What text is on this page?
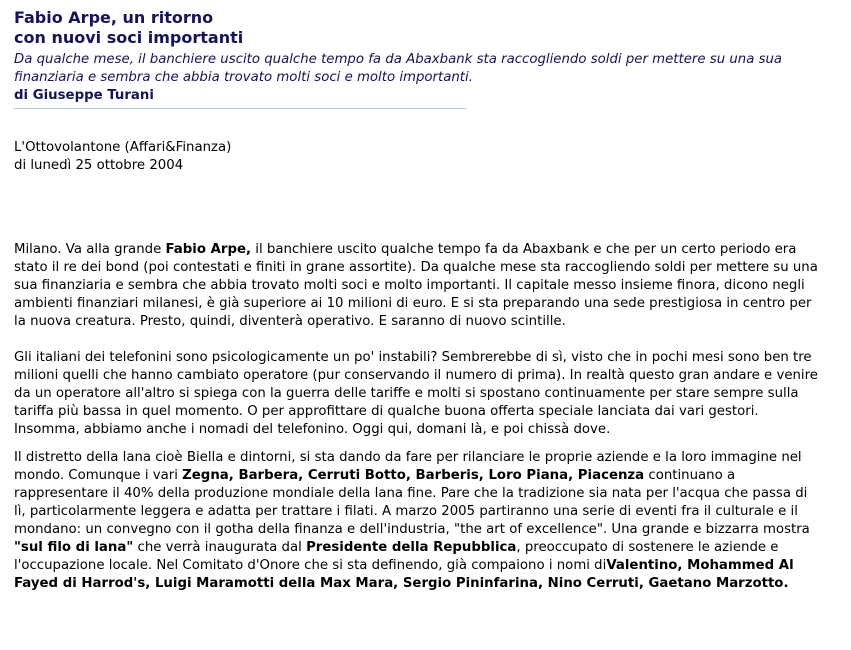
Fabio Arpe, un ritorno
con nuovi soci importanti

Da qualche mese, il banchiere uscito qualche tempo fa da Abaxbank sta raccogliendo soldi per mettere su una sua finanziaria e sembra che abbia trovato molti soci e molto importanti.

di Giuseppe Turani

L'Ottovolantone (Affari&Finanza)
di lunedì 25 ottobre 2004

Milano. Va alla grande Fabio Arpe, il banchiere uscito qualche tempo fa da Abaxbank e che per un certo periodo era stato il re dei bond (poi contestati e finiti in grane assortite). Da qualche mese sta raccogliendo soldi per mettere su una sua finanziaria e sembra che abbia trovato molti soci e molto importanti. Il capitale messo insieme finora, dicono negli ambienti finanziari milanesi, è già superiore ai 10 milioni di euro. E si sta preparando una sede prestigiosa in centro per la nuova creatura. Presto, quindi, diventerà operativo. E saranno di nuovo scintille.

Gli italiani dei telefonini sono psicologicamente un po' instabili? Sembrerebbe di sì, visto che in pochi mesi sono ben tre milioni quelli che hanno cambiato operatore (pur conservando il numero di prima). In realtà questo gran andare e venire da un operatore all'altro si spiega con la guerra delle tariffe e molti si spostano continuamente per stare sempre sulla tariffa più bassa in quel momento. O per approfittare di qualche buona offerta speciale lanciata dai vari gestori. Insomma, abbiamo anche i nomadi del telefonino. Oggi qui, domani là, e poi chissà dove.

Il distretto della lana cioè Biella e dintorni, si sta dando da fare per rilanciare le proprie aziende e la loro immagine nel mondo. Comunque i vari Zegna, Barbera, Cerruti Botto, Barberis, Loro Piana, Piacenza continuano a rappresentare il 40% della produzione mondiale della lana fine. Pare che la tradizione sia nata per l'acqua che passa di lì, particolarmente leggera e adatta per trattare i filati. A marzo 2005 partiranno una serie di eventi fra il culturale e il mondano: un convegno con il gotha della finanza e dell'industria, "the art of excellence". Una grande e bizzarra mostra "sul filo di lana" che verrà inaugurata dal Presidente della Repubblica, preoccupato di sostenere le aziende e l'occupazione locale. Nel Comitato d'Onore che si sta definendo, già compaiono i nomi diValentino, Mohammed Al Fayed di Harrod's, Luigi Maramotti della Max Mara, Sergio Pininfarina, Nino Cerruti, Gaetano Marzotto.
